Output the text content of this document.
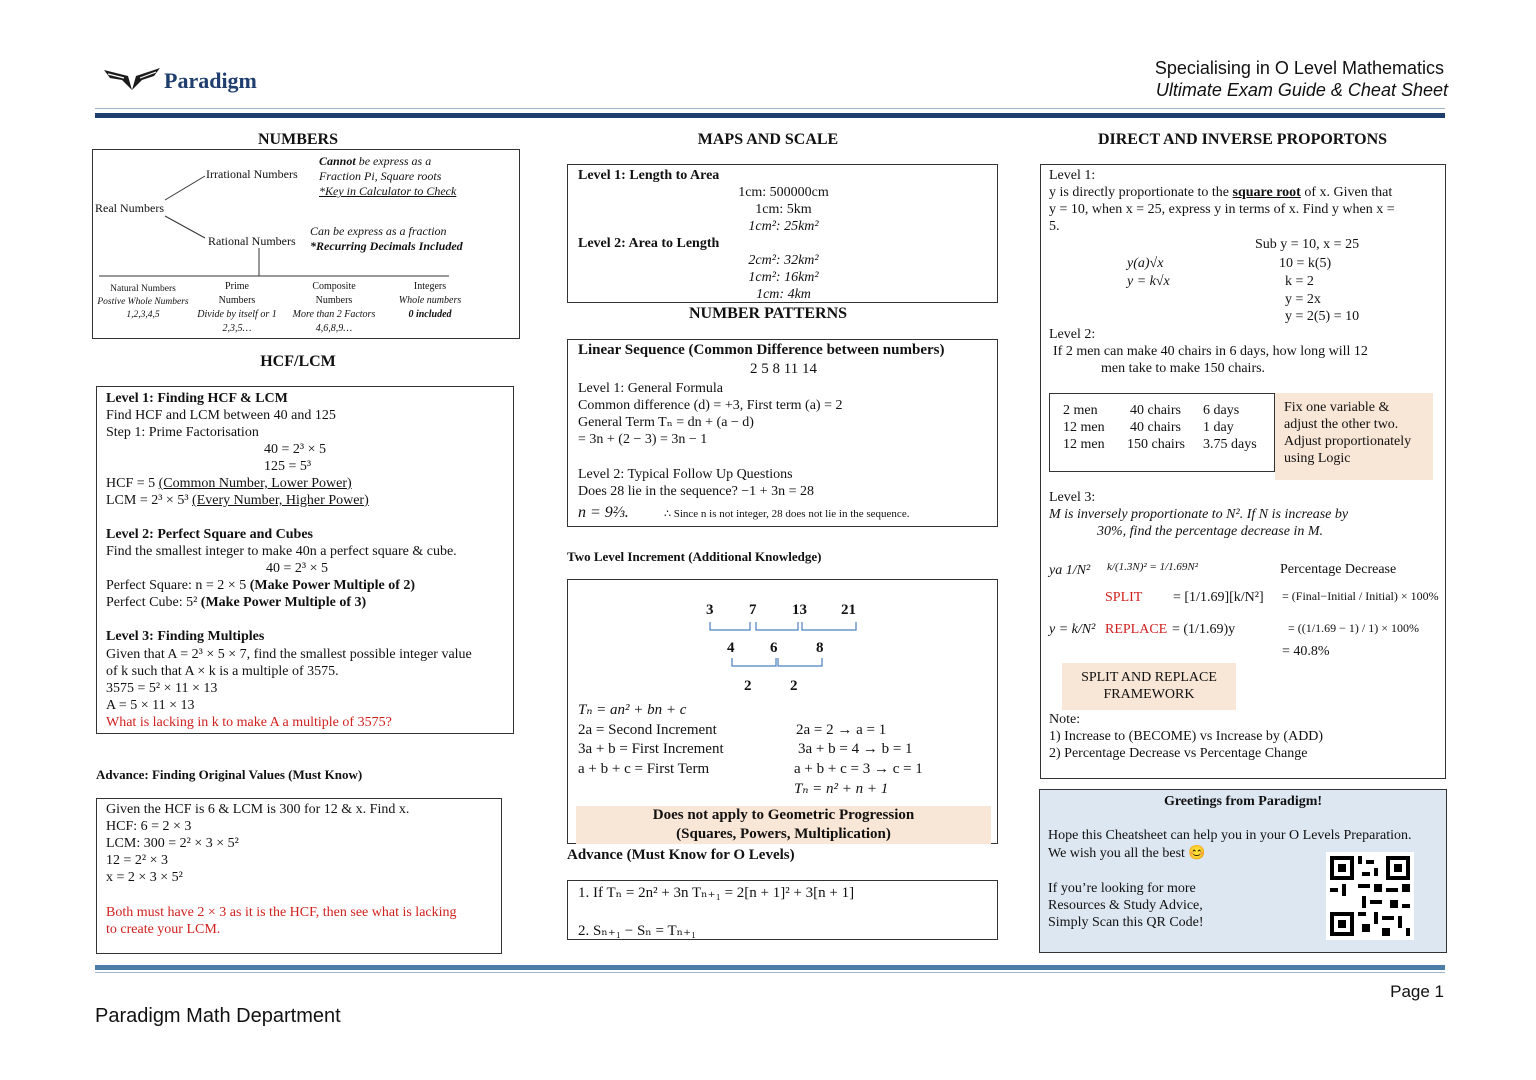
Paradigm	Specialising in O Level Mathematics
Ultimate Exam Guide & Cheat Sheet
NUMBERS
Real Numbers
Irrational Numbers
Rational Numbers
Cannot be express as a
Fraction Pi, Square roots
*Key in Calculator to Check
Can be express as a fraction
*Recurring Decimals Included
Natural Numbers
Postive Whole Numbers
1,2,3,4,5
Prime
Numbers
Divide by itself or 1
2,3,5…
Composite
Numbers
More than 2 Factors
4,6,8,9…
Integers
Whole numbers
0 included
HCF/LCM
Level 1: Finding HCF & LCM
Find HCF and LCM between 40 and 125
Step 1: Prime Factorisation
40 = 2³ × 5
125 = 5³
HCF = 5 (Common Number, Lower Power)
LCM = 2³ × 5³ (Every Number, Higher Power)
Level 2: Perfect Square and Cubes
Find the smallest integer to make 40n a perfect square & cube.
40 = 2³ × 5
Perfect Square: n = 2 × 5 (Make Power Multiple of 2)
Perfect Cube: 5² (Make Power Multiple of 3)
Level 3: Finding Multiples
Given that A = 2³ × 5 × 7, find the smallest possible integer value
of k such that A × k is a multiple of 3575.
3575 = 5² × 11 × 13
A = 5 × 11 × 13
What is lacking in k to make A a multiple of 3575?
Advance: Finding Original Values (Must Know)
Given the HCF is 6 & LCM is 300 for 12 & x. Find x.
HCF: 6 = 2 × 3
LCM: 300 = 2² × 3 × 5²
12 = 2² × 3
x = 2 × 3 × 5²
Both must have 2 × 3 as it is the HCF, then see what is lacking
to create your LCM.
MAPS AND SCALE
Level 1: Length to Area
1cm: 500000cm
1cm: 5km
1cm²: 25km²
Level 2: Area to Length
2cm²: 32km²
1cm²: 16km²
1cm: 4km
NUMBER PATTERNS
Linear Sequence (Common Difference between numbers)
2 5 8 11 14
Level 1: General Formula
Common difference (d) = +3, First term (a) = 2
General Term Tₙ = dn + (a − d)
= 3n + (2 − 3) = 3n − 1
Level 2: Typical Follow Up Questions
Does 28 lie in the sequence? −1 + 3n = 28
n = 9⅔.	∴ Since n is not integer, 28 does not lie in the sequence.
Two Level Increment (Additional Knowledge)
3 7 13 21
4 6	8
2	2
Tₙ = an² + bn + c
2a = Second Increment	2a = 2 → a = 1
3a + b = First Increment	3a + b = 4 → b = 1
a + b + c = First Term	a + b + c = 3 → c = 1
Tₙ = n² + n + 1
Does not apply to Geometric Progression
(Squares, Powers, Multiplication)
Advance (Must Know for O Levels)
1. If Tₙ = 2n² + 3n Tₙ₊₁ = 2[n + 1]² + 3[n + 1]
2. Sₙ₊₁ − Sₙ = Tₙ₊₁
DIRECT AND INVERSE PROPORTONS
Level 1:
y is directly proportionate to the square root of x. Given that
y = 10, when x = 25, express y in terms of x. Find y when x =
5.
Sub y = 10, x = 25
y(a)√x
y = k√x
10 = k(5)
k = 2
y = 2x
y = 2(5) = 10
Level 2:
If 2 men can make 40 chairs in 6 days, how long will 12
men take to make 150 chairs.
2 men 40 chairs 6 days
12 men 40 chairs 1 day
12 men 150 chairs 3.75 days
Fix one variable &
adjust the other two.
Adjust proportionately
using Logic
Level 3:
M is inversely proportionate to N². If N is increase by
30%, find the percentage decrease in M.
Percentage Decrease
ya 1/N² k/(1.3N)² = 1/1.69N²
SPLIT = [1/1.69][k/N²]
y = k/N² REPLACE = (1/1.69)y
= (Final−Initial / Initial) × 100%
= ((1/1.69 − 1) / 1) × 100%
= 40.8%
SPLIT AND REPLACE
FRAMEWORK
Note:
1) Increase to (BECOME) vs Increase by (ADD)
2) Percentage Decrease vs Percentage Change
Greetings from Paradigm!
Hope this Cheatsheet can help you in your O Levels Preparation.
We wish you all the best 😊
If you’re looking for more
Resources & Study Advice,
Simply Scan this QR Code!
Page 1
Paradigm Math Department
